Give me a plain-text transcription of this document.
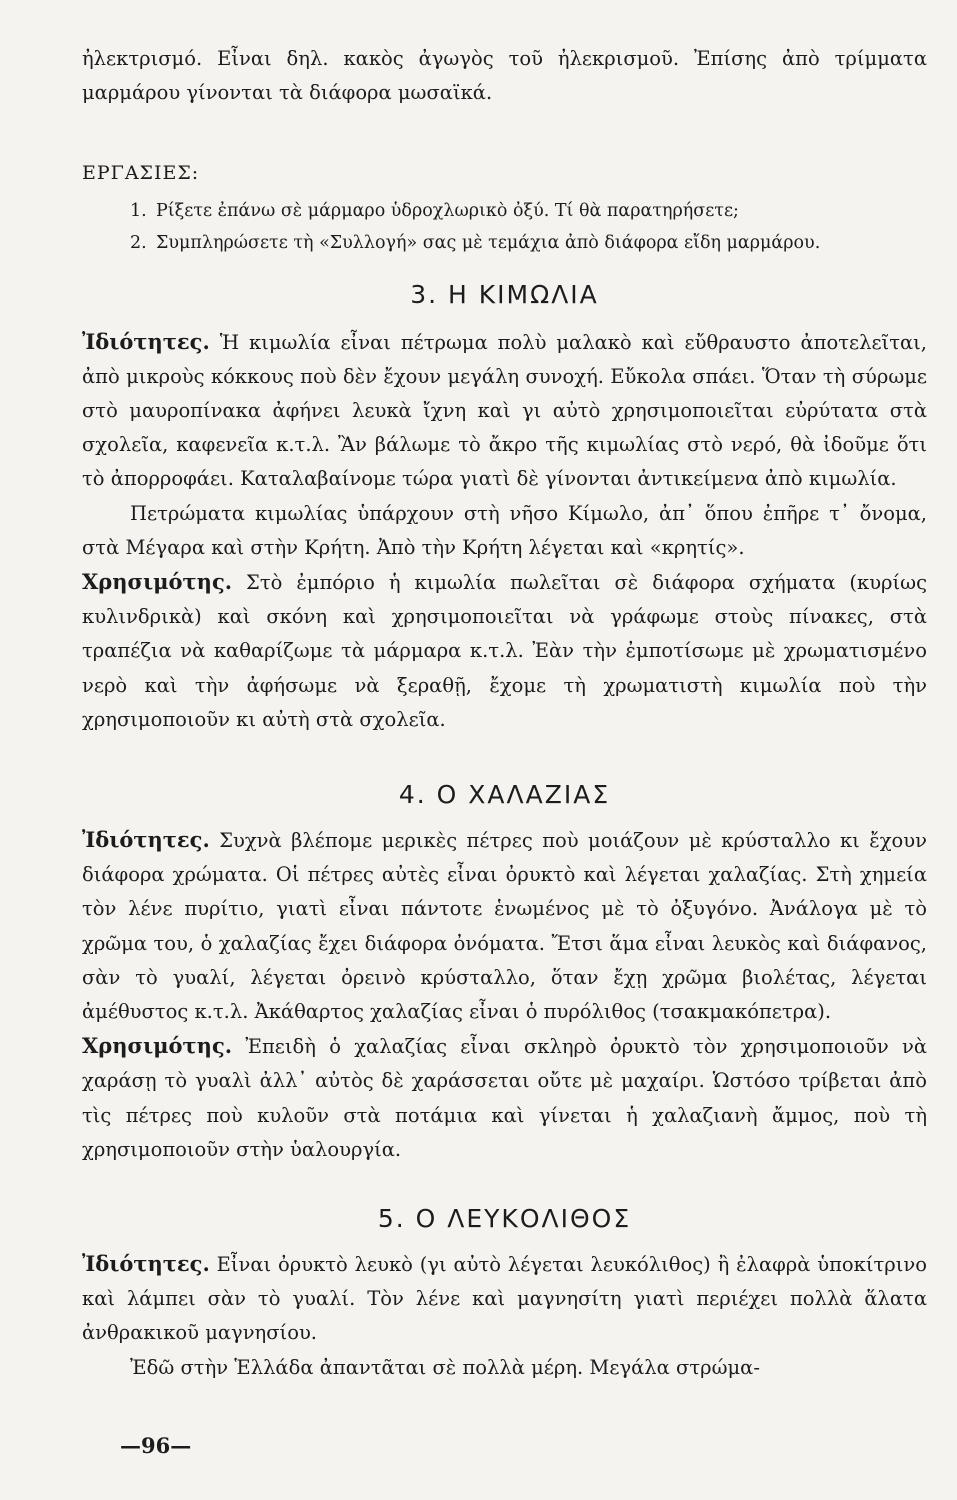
ἠλεκτρισμό. Εἶναι δηλ. κακὸς ἀγωγὸς τοῦ ἠλεκρισμοῦ. Ἐπίσης ἀπὸ τρίμματα μαρμάρου γίνονται τὰ διάφορα μωσαϊκά.

ΕΡΓΑΣΙΕΣ:

1. Ρίξετε ἐπάνω σὲ μάρμαρο ὑδροχλωρικὸ ὀξύ. Τί θὰ παρατηρήσετε;
2. Συμπληρώσετε τὴ «Συλλογή» σας μὲ τεμάχια ἀπὸ διάφορα εἴδη μαρμάρου.
3. Η ΚΙΜΩΛΙΑ

Ἰδιότητες. Ἡ κιμωλία εἶναι πέτρωμα πολὺ μαλακὸ καὶ εὔθραυστο ἀποτελεῖται, ἀπὸ μικροὺς κόκκους ποὺ δὲν ἔχουν μεγάλη συνοχή. Εὔκολα σπάει. Ὅταν τὴ σύρωμε στὸ μαυροπίνακα ἀφήνει λευκὰ ἴχνη καὶ γι αὐτὸ χρησιμοποιεῖται εὐρύτατα στὰ σχολεῖα, καφενεῖα κ.τ.λ. Ἂν βάλωμε τὸ ἄκρο τῆς κιμωλίας στὸ νερό, θὰ ἰδοῦμε ὅτι τὸ ἀπορροφάει. Καταλαβαίνομε τώρα γιατὶ δὲ γίνονται ἀντικείμενα ἀπὸ κιμωλία.

Πετρώματα κιμωλίας ὑπάρχουν στὴ νῆσο Κίμωλο, ἀπ᾽ ὅπου ἐπῆρε τ᾽ ὄνομα, στὰ Μέγαρα καὶ στὴν Κρήτη. Ἀπὸ τὴν Κρήτη λέγεται καὶ «κρητίς».

Χρησιμότης. Στὸ ἐμπόριο ἡ κιμωλία πωλεῖται σὲ διάφορα σχήματα (κυρίως κυλινδρικὰ) καὶ σκόνη καὶ χρησιμοποιεῖται νὰ γράφωμε στοὺς πίνακες, στὰ τραπέζια νὰ καθαρίζωμε τὰ μάρμαρα κ.τ.λ. Ἐὰν τὴν ἐμποτίσωμε μὲ χρωματισμένο νερὸ καὶ τὴν ἀφήσωμε νὰ ξεραθῇ, ἔχομε τὴ χρωματιστὴ κιμωλία ποὺ τὴν χρησιμοποιοῦν κι αὐτὴ στὰ σχολεῖα.

4. Ο ΧΑΛΑΖΙΑΣ

Ἰδιότητες. Συχνὰ βλέπομε μερικὲς πέτρες ποὺ μοιάζουν μὲ κρύσταλλο κι ἔχουν διάφορα χρώματα. Οἱ πέτρες αὐτὲς εἶναι ὀρυκτὸ καὶ λέγεται χαλαζίας. Στὴ χημεία τὸν λένε πυρίτιο, γιατὶ εἶναι πάντοτε ἑνωμένος μὲ τὸ ὀξυγόνο. Ἀνάλογα μὲ τὸ χρῶμα του, ὁ χαλαζίας ἔχει διάφορα ὀνόματα. Ἔτσι ἅμα εἶναι λευκὸς καὶ διάφανος, σὰν τὸ γυαλί, λέγεται ὀρεινὸ κρύσταλλο, ὅταν ἔχῃ χρῶμα βιολέτας, λέγεται ἀμέθυστος κ.τ.λ. Ἀκάθαρτος χαλαζίας εἶναι ὁ πυρόλιθος (τσακμακόπετρα).

Χρησιμότης. Ἐπειδὴ ὁ χαλαζίας εἶναι σκληρὸ ὀρυκτὸ τὸν χρησιμοποιοῦν νὰ χαράσῃ τὸ γυαλὶ ἀλλ᾽ αὐτὸς δὲ χαράσσεται οὔτε μὲ μαχαίρι. Ὡστόσο τρίβεται ἀπὸ τὶς πέτρες ποὺ κυλοῦν στὰ ποτάμια καὶ γίνεται ἡ χαλαζιανὴ ἄμμος, ποὺ τὴ χρησιμοποιοῦν στὴν ὑαλουργία.

5. Ο ΛΕΥΚΟΛΙΘΟΣ

Ἰδιότητες. Εἶναι ὀρυκτὸ λευκὸ (γι αὐτὸ λέγεται λευκόλιθος) ἢ ἐλαφρὰ ὑποκίτρινο καὶ λάμπει σὰν τὸ γυαλί. Τὸν λένε καὶ μαγνησίτη γιατὶ περιέχει πολλὰ ἅλατα ἀνθρακικοῦ μαγνησίου.

Ἐδῶ στὴν Ἑλλάδα ἀπαντᾶται σὲ πολλὰ μέρη. Μεγάλα στρώμα-

—96—
